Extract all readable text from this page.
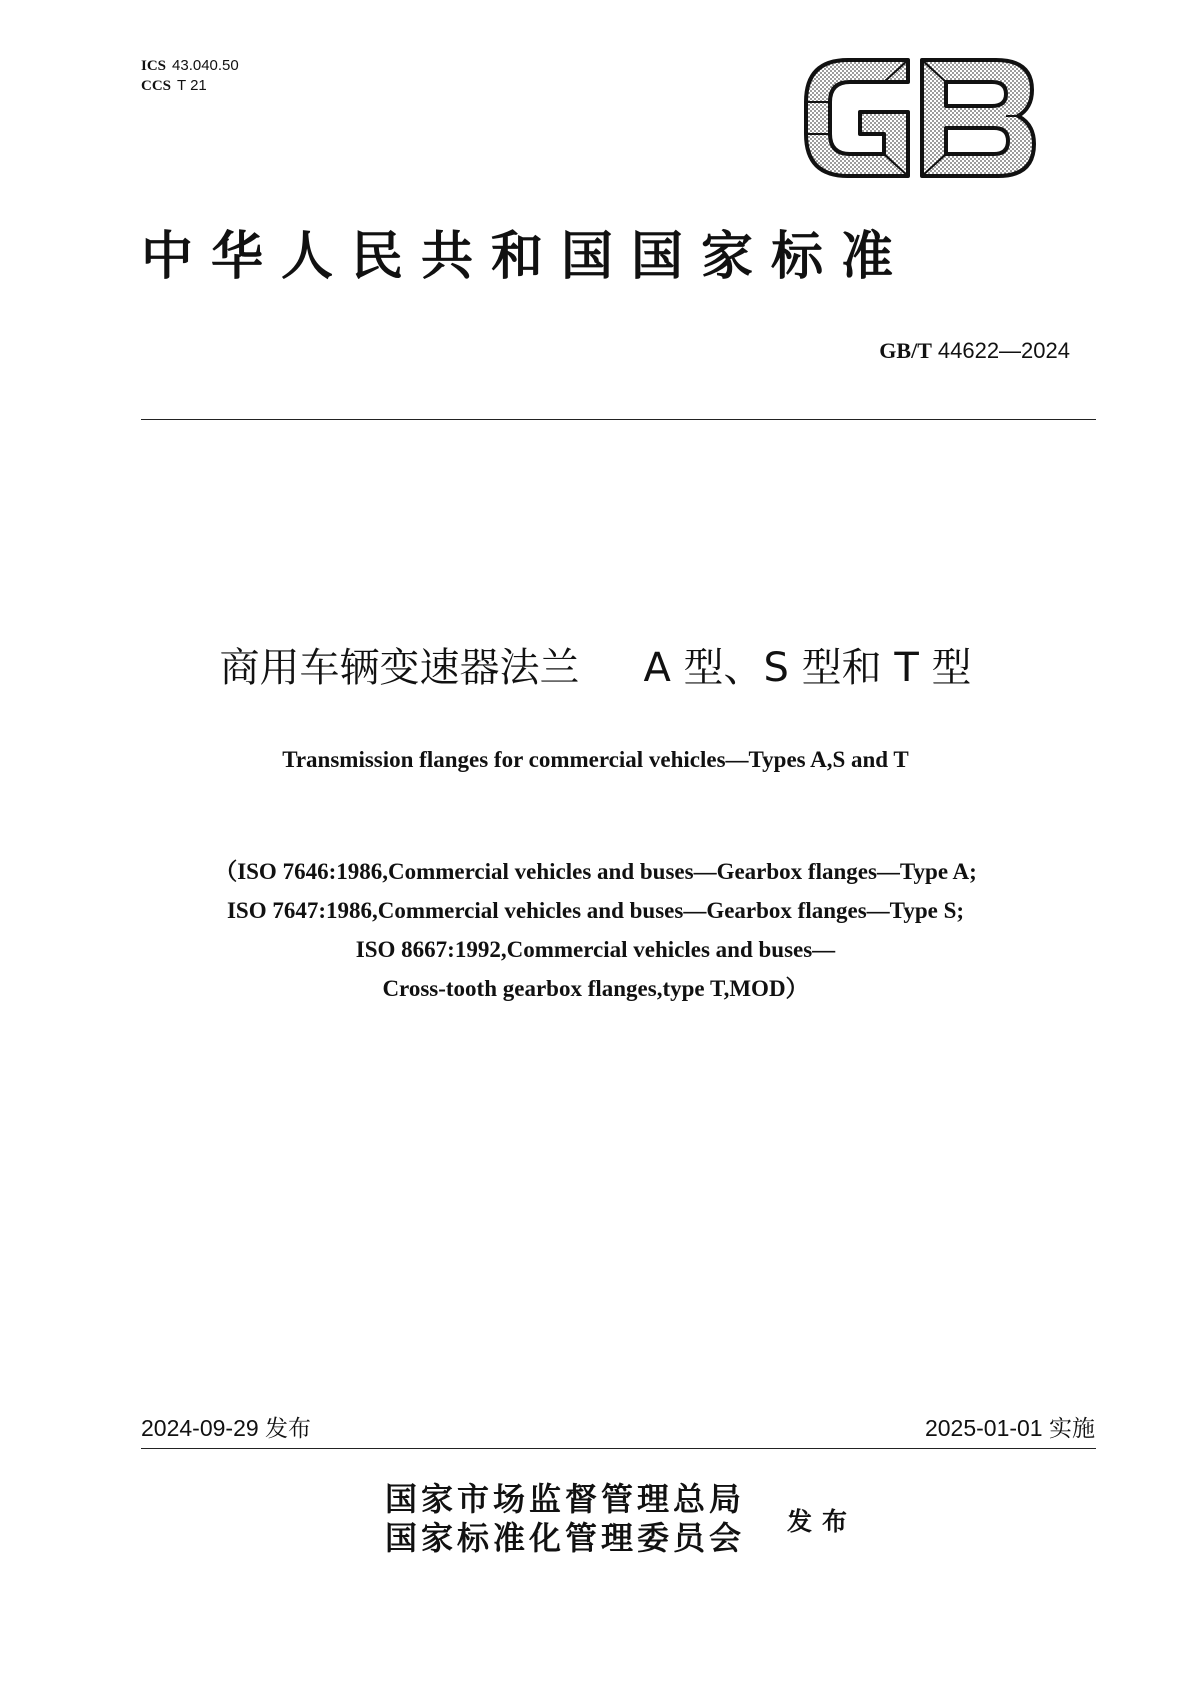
ICS 43.040.50
CCS T 21
GB
中华人民共和国国家标准
GB/T 44622—2024
商用车辆变速器法兰 A 型、S 型和 T 型
Transmission flanges for commercial vehicles—Types A,S and T
（ISO 7646:1986,Commercial vehicles and buses—Gearbox flanges—Type A;
ISO 7647:1986,Commercial vehicles and buses—Gearbox flanges—Type S;
ISO 8667:1992,Commercial vehicles and buses—
Cross-tooth gearbox flanges,type T,MOD）
2024-09-29 发布	2025-01-01 实施
国家市场监督管理总局
国家标准化管理委员会 发布
